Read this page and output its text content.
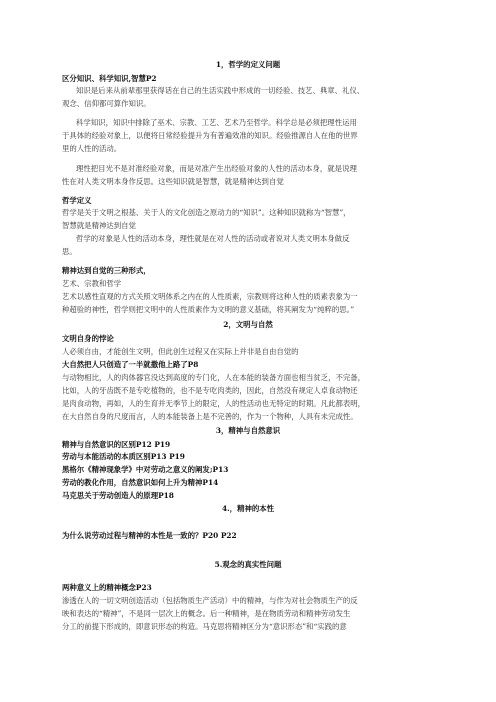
1，哲学的定义问题
区分知识、科学知识,智慧P2
知识是后来从前辈那里获得话在自己的生活实践中形成的一切经验、技艺、典章、礼仪、
观念、信仰都可算作知识。
科学知识，知识中排除了巫术、宗教、工艺、艺术乃至哲学。科学总是必须把理性运用
于具体的经验对象上，以便将日常经验提升为有普遍效准的知识。经验推源自人在他的世界
里的人性的活动。
理性把目光不是对准经验对象，而是对准产生出经验对象的人性的活动本身，就是说理
性在对人类文明本身作反思。这些知识就是智慧，就是精神达到自觉
哲学定义
哲学是关于文明之根基、关于人的文化创造之原动力的“知识”。这种知识就称为“智慧”，
智慧就是精神达到自觉
哲学的对象是人性的活动本身，理性就是在对人性的活动或者说对人类文明本身做反
思。
精神达到自觉的三种形式，
艺术、宗教和哲学
艺术以感性直观的方式关照文明体系之内在的人性质素，宗教则将这种人性的质素表象为一
种超验的神性，哲学则把文明中的人性质素作为文明的意义基础，将其阐发为“纯粹的思。”
2，文明与自然
文明自身的悖论
人必须自由，才能创生文明，但此创生过程又在实际上并非是自由自觉的
大自然把人只创造了一半就撒他上路了P8
与动物相比，人的肉体器官没达到高度的专门化，人在本能的装备方面也相当贫乏，不完备，
比如，人的牙齿既不是专吃植物的，也不是专吃肉类的，因此，自然没有规定人卓食动物还
是肉食动物，再如，人的生育并无季节上的限定，人的性活动也无特定的时期。凡此都表明，
在大自然自身的尺度而言，人的本能装备上是不完善的，作为一个物种，人具有未完成性。
3，精神与自然意识
精神与自然意识的区别P12 P19
劳动与本能活动的本质区别P13 P19
黑格尔《精神现象学》中对劳动之意义的阐发;P13
劳动的教化作用，自然意识如何上升为精神P14
马克思关于劳动创造人的原理P18
4.，精神的本性
为什么说劳动过程与精神的本性是一致的？P20 P22
5.观念的真实性问题
两种意义上的精神概念P23
渗透在人的一切文明创造活动（包括物质生产活动）中的精神，与作为对社会物质生产的反
映和表达的“精神”，不是同一层次上的概念。后一种精神，是在物质劳动和精神劳动发生
分工的前提下形成的，即意识形态的构造。马克思将精神区分为“意识形态”和“实践的意
